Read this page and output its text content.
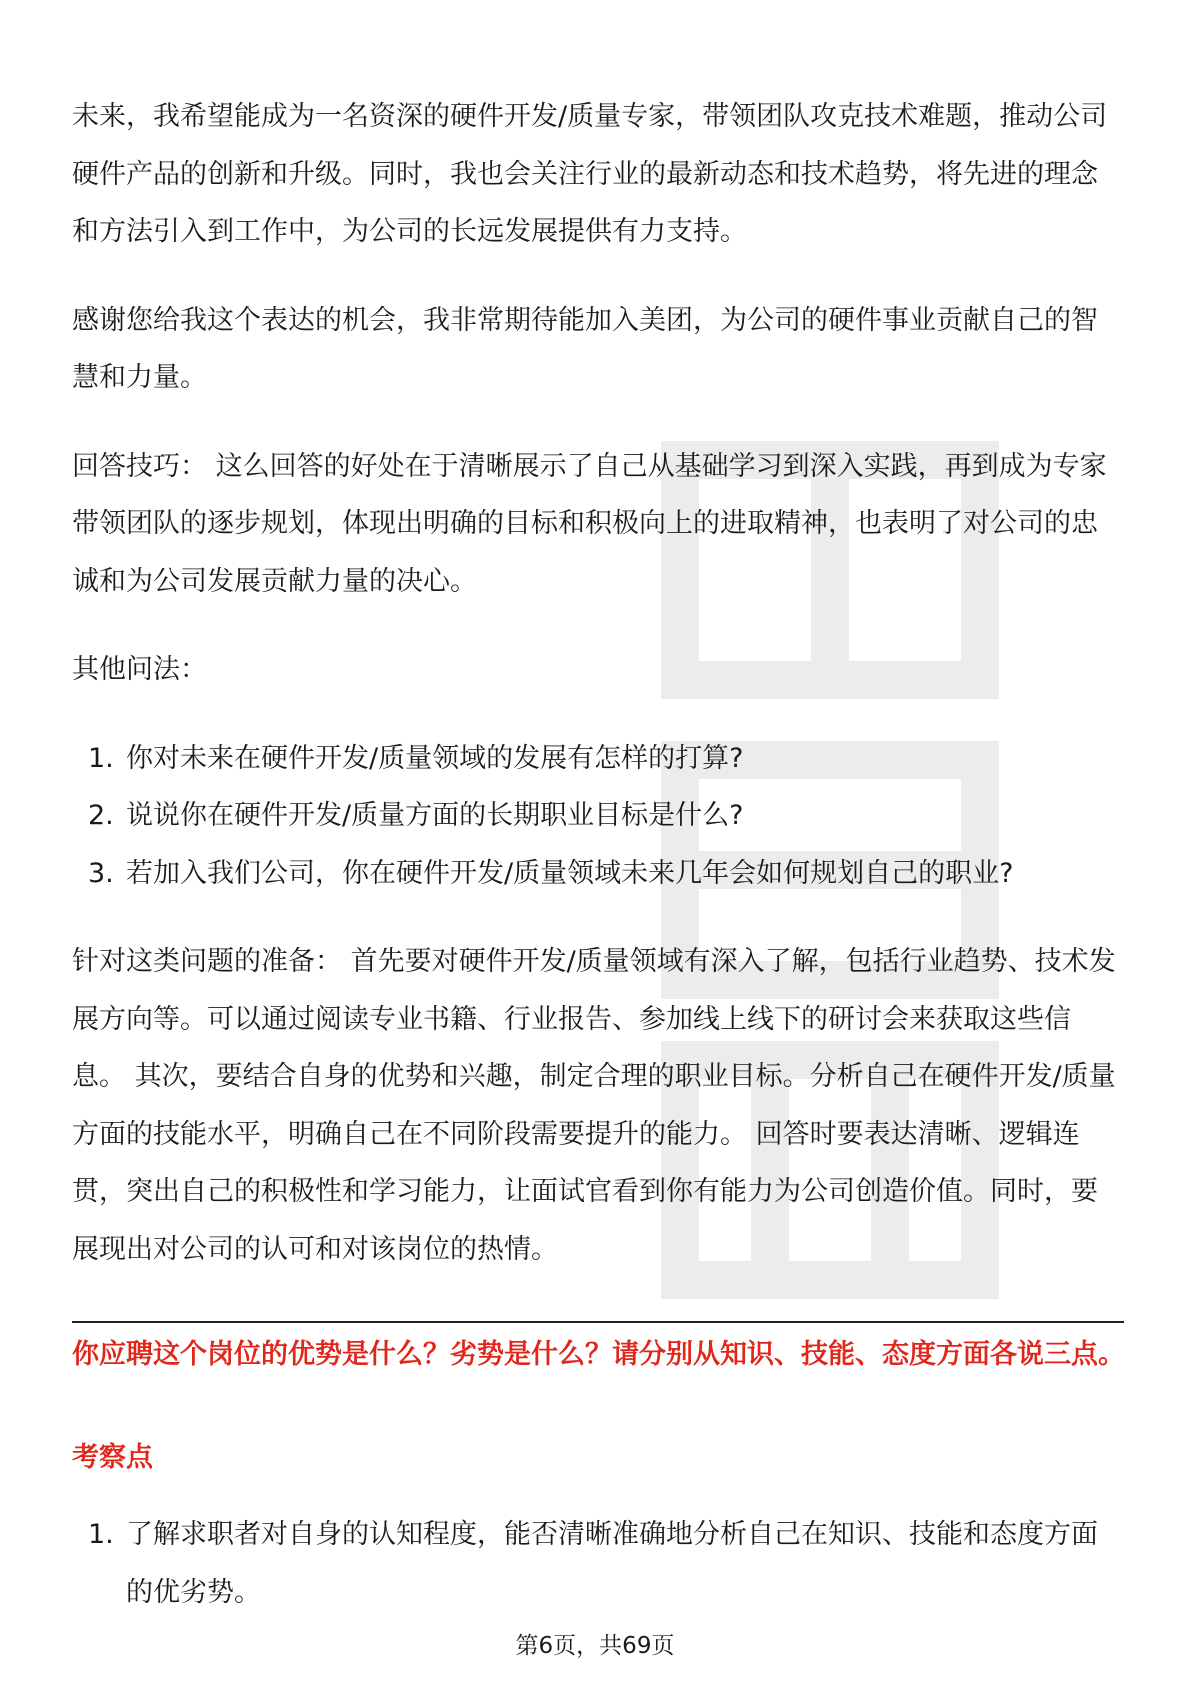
未来，我希望能成为一名资深的硬件开发/质量专家，带领团队攻克技术难题，推动公司硬件产品的创新和升级。同时，我也会关注行业的最新动态和技术趋势，将先进的理念和方法引入到工作中，为公司的长远发展提供有力支持。

感谢您给我这个表达的机会，我非常期待能加入美团，为公司的硬件事业贡献自己的智慧和力量。

回答技巧： 这么回答的好处在于清晰展示了自己从基础学习到深入实践，再到成为专家带领团队的逐步规划，体现出明确的目标和积极向上的进取精神，也表明了对公司的忠诚和为公司发展贡献力量的决心。

其他问法：

1. 你对未来在硬件开发/质量领域的发展有怎样的打算?
2. 说说你在硬件开发/质量方面的长期职业目标是什么?
3. 若加入我们公司，你在硬件开发/质量领域未来几年会如何规划自己的职业?

针对这类问题的准备： 首先要对硬件开发/质量领域有深入了解，包括行业趋势、技术发展方向等。可以通过阅读专业书籍、行业报告、参加线上线下的研讨会来获取这些信息。 其次，要结合自身的优势和兴趣，制定合理的职业目标。分析自己在硬件开发/质量方面的技能水平，明确自己在不同阶段需要提升的能力。 回答时要表达清晰、逻辑连贯，突出自己的积极性和学习能力，让面试官看到你有能力为公司创造价值。同时，要展现出对公司的认可和对该岗位的热情。

你应聘这个岗位的优势是什么？劣势是什么？请分别从知识、技能、态度方面各说三点。

考察点

1. 了解求职者对自身的认知程度，能否清晰准确地分析自己在知识、技能和态度方面的优劣势。
第6页，共69页
